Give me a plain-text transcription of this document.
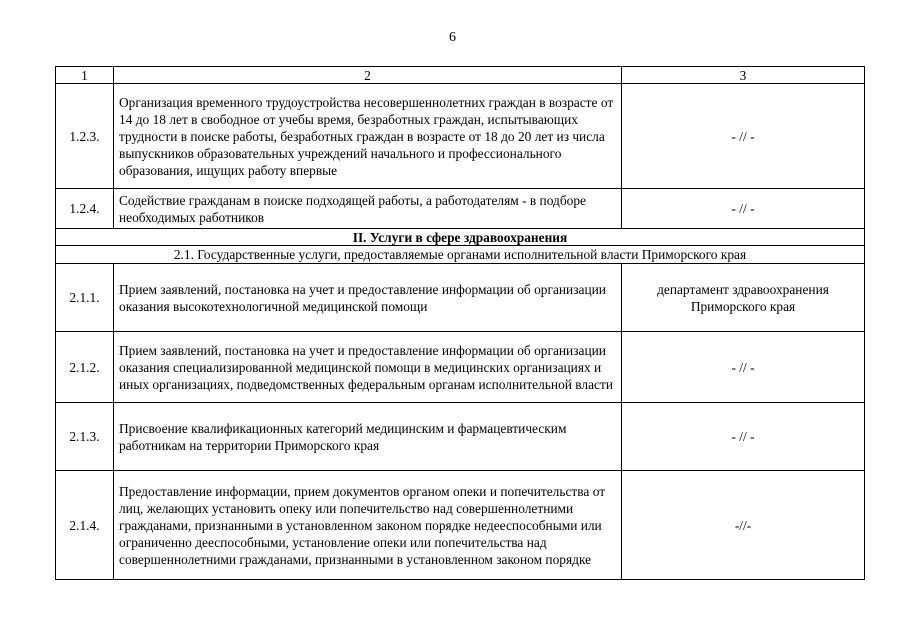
6
1	2	3
1.2.3.	Организация временного трудоустройства несовершеннолетних граждан в возрасте от 14 до 18 лет в свободное от учебы время, безработных граждан, испытывающих трудности в поиске работы, безработных граждан в возрасте от 18 до 20 лет из числа выпускников образовательных учреждений начального и профессионального образования, ищущих работу впервые	- // -
1.2.4.	Содействие гражданам в поиске подходящей работы, а работодателям - в подборе необходимых работников	- // -
II. Услуги в сфере здравоохранения		
2.1. Государственные услуги, предоставляемые органами исполнительной власти Приморского края		
2.1.1.	Прием заявлений, постановка на учет и предоставление информации об организации оказания высокотехнологичной медицинской помощи	департамент здравоохранения Приморского края
2.1.2.	Прием заявлений, постановка на учет и предоставление информации об организации оказания специализированной медицинской помощи в медицинских организациях и иных организациях, подведомственных федеральным органам исполнительной власти	- // -
2.1.3.	Присвоение квалификационных категорий медицинским и фармацевтическим работникам на территории Приморского края	- // -
2.1.4.	Предоставление информации, прием документов органом опеки и попечительства от лиц, желающих установить опеку или попечительство над совершеннолетними гражданами, признанными в установленном законом порядке недееспособными или ограниченно дееспособными, установление опеки или попечительства над совершеннолетними гражданами, признанными в установленном законом порядке	-//-
